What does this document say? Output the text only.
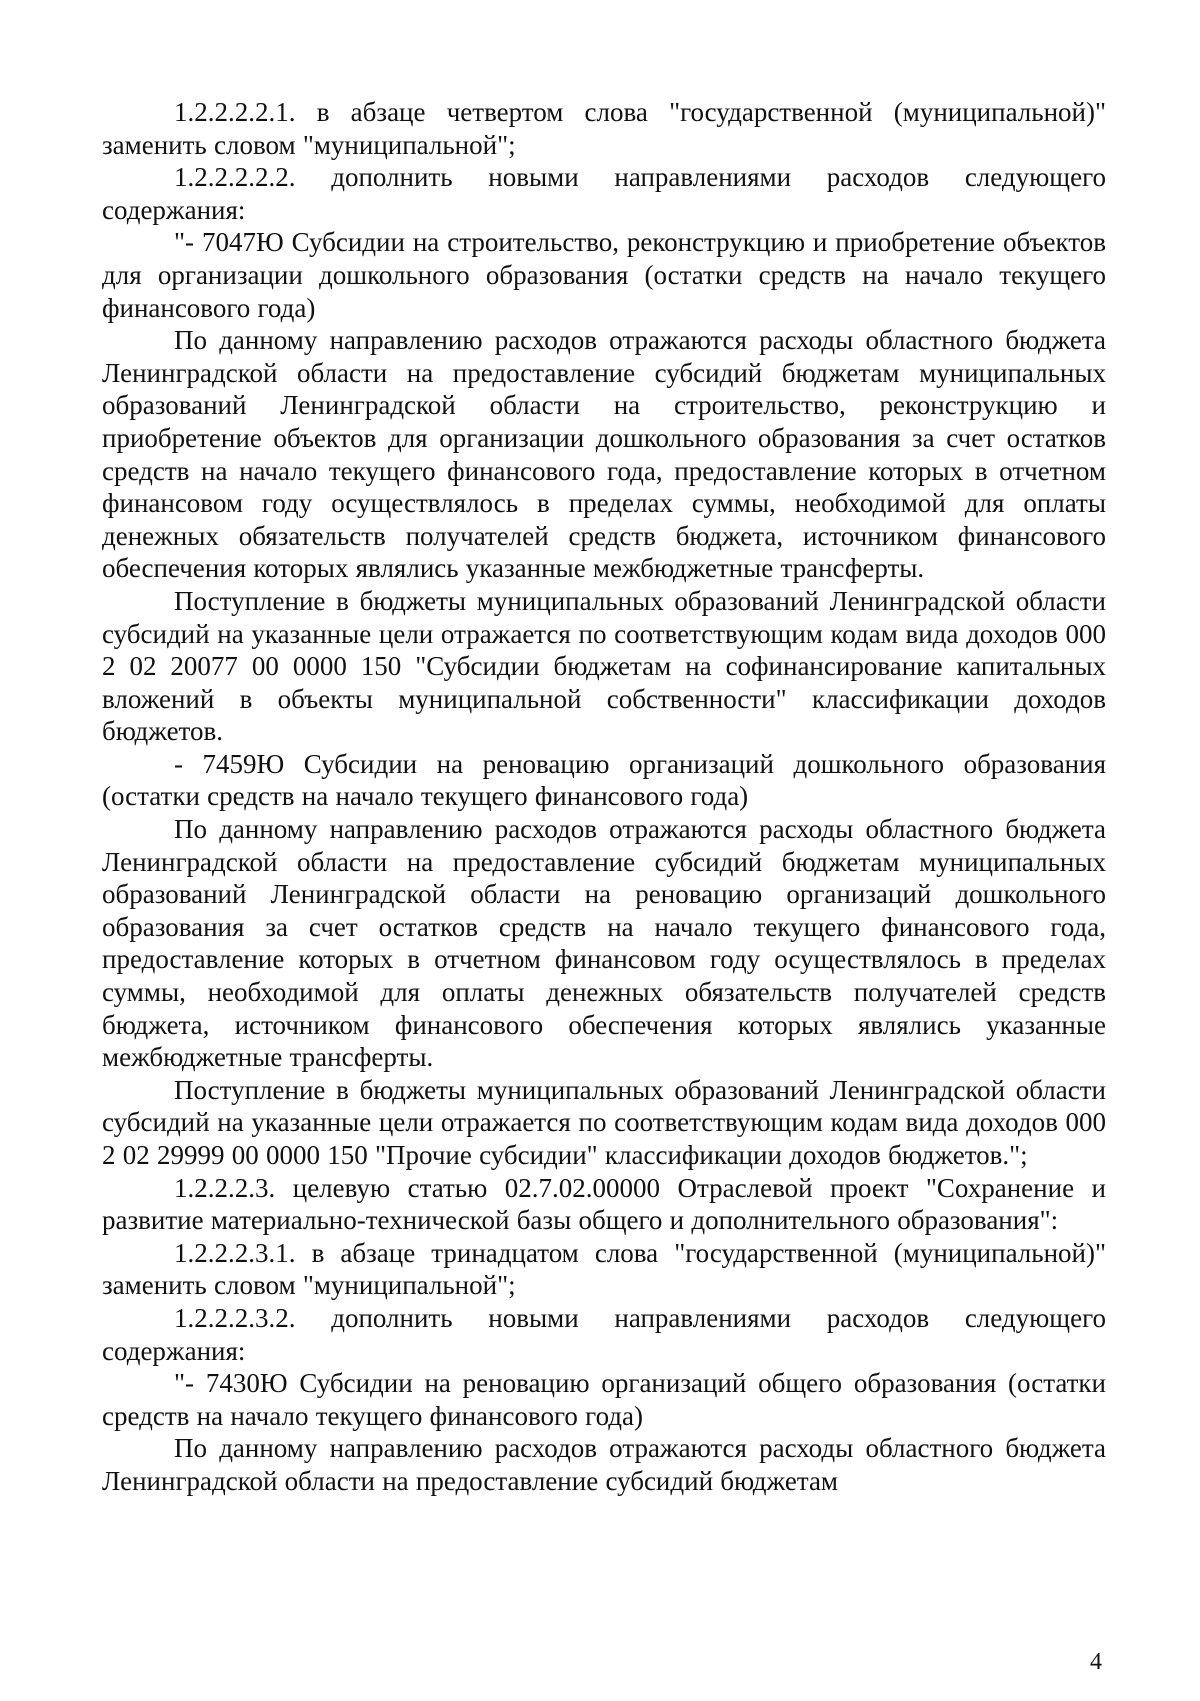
1.2.2.2.2.1. в абзаце четвертом слова "государственной (муниципальной)" заменить словом "муниципальной";

1.2.2.2.2.2. дополнить новыми направлениями расходов следующего содержания:

"- 7047Ю Субсидии на строительство, реконструкцию и приобретение объектов для организации дошкольного образования (остатки средств на начало текущего финансового года)

По данному направлению расходов отражаются расходы областного бюджета Ленинградской области на предоставление субсидий бюджетам муниципальных образований Ленинградской области на строительство, реконструкцию и приобретение объектов для организации дошкольного образования за счет остатков средств на начало текущего финансового года, предоставление которых в отчетном финансовом году осуществлялось в пределах суммы, необходимой для оплаты денежных обязательств получателей средств бюджета, источником финансового обеспечения которых являлись указанные межбюджетные трансферты.

Поступление в бюджеты муниципальных образований Ленинградской области субсидий на указанные цели отражается по соответствующим кодам вида доходов 000 2 02 20077 00 0000 150 "Субсидии бюджетам на софинансирование капитальных вложений в объекты муниципальной собственности" классификации доходов бюджетов.

- 7459Ю Субсидии на реновацию организаций дошкольного образования (остатки средств на начало текущего финансового года)

По данному направлению расходов отражаются расходы областного бюджета Ленинградской области на предоставление субсидий бюджетам муниципальных образований Ленинградской области на реновацию организаций дошкольного образования за счет остатков средств на начало текущего финансового года, предоставление которых в отчетном финансовом году осуществлялось в пределах суммы, необходимой для оплаты денежных обязательств получателей средств бюджета, источником финансового обеспечения которых являлись указанные межбюджетные трансферты.

Поступление в бюджеты муниципальных образований Ленинградской области субсидий на указанные цели отражается по соответствующим кодам вида доходов 000 2 02 29999 00 0000 150 "Прочие субсидии" классификации доходов бюджетов.";

1.2.2.2.3. целевую статью 02.7.02.00000 Отраслевой проект "Сохранение и развитие материально-технической базы общего и дополнительного образования":

1.2.2.2.3.1. в абзаце тринадцатом слова "государственной (муниципальной)" заменить словом "муниципальной";

1.2.2.2.3.2. дополнить новыми направлениями расходов следующего содержания:

"- 7430Ю Субсидии на реновацию организаций общего образования (остатки средств на начало текущего финансового года)

По данному направлению расходов отражаются расходы областного бюджета Ленинградской области на предоставление субсидий бюджетам

4
